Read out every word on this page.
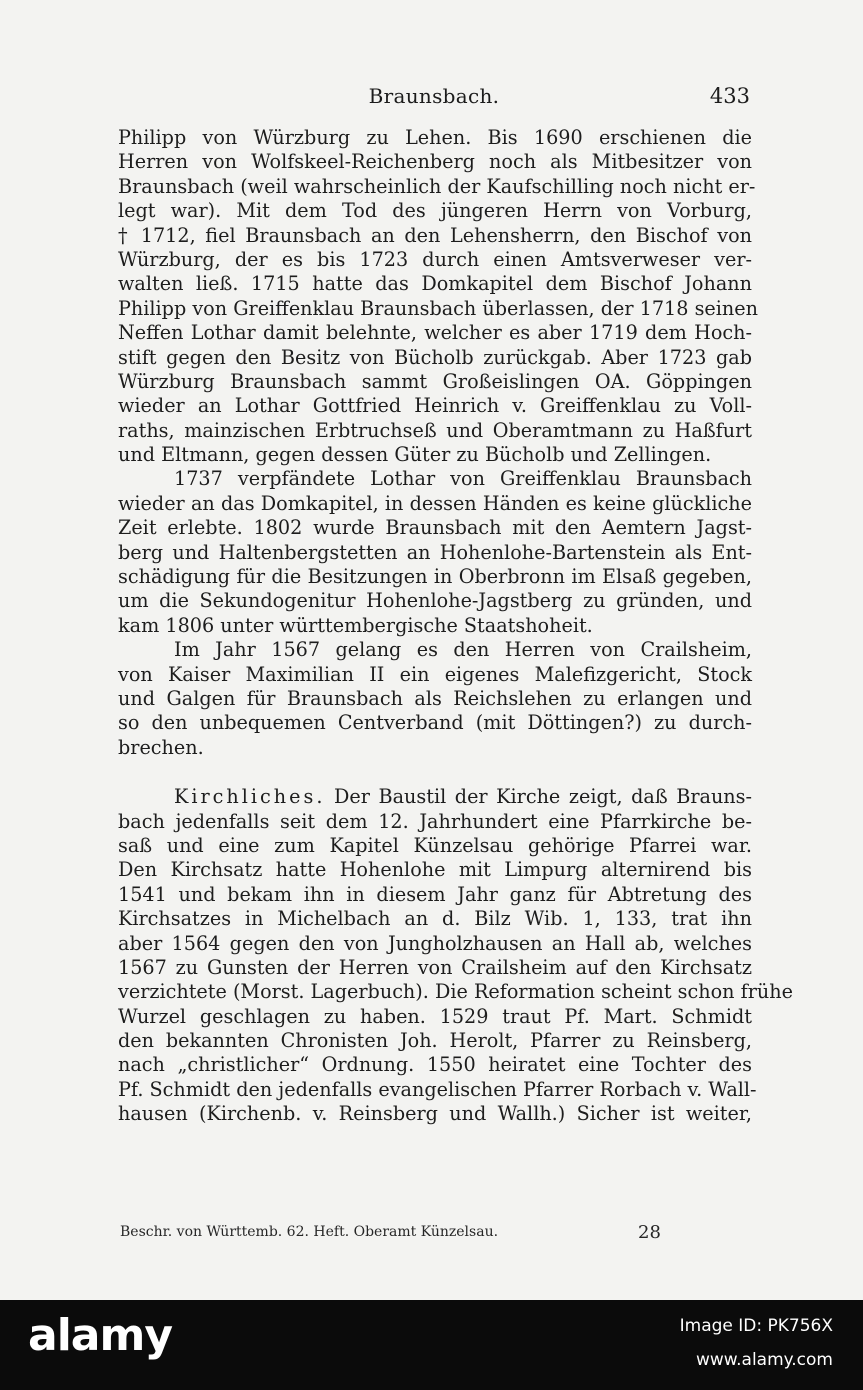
Braunsbach.	433
Philipp von Würzburg zu Lehen. Bis 1690 erschienen die
Herren von Wolfskeel-Reichenberg noch als Mitbesitzer von
Braunsbach (weil wahrscheinlich der Kaufschilling noch nicht er-
legt war). Mit dem Tod des jüngeren Herrn von Vorburg,
† 1712, fiel Braunsbach an den Lehensherrn, den Bischof von
Würzburg, der es bis 1723 durch einen Amtsverweser ver-
walten ließ. 1715 hatte das Domkapitel dem Bischof Johann
Philipp von Greiffenklau Braunsbach überlassen, der 1718 seinen
Neffen Lothar damit belehnte, welcher es aber 1719 dem Hoch-
stift gegen den Besitz von Bücholb zurückgab. Aber 1723 gab
Würzburg Braunsbach sammt Großeislingen OA. Göppingen
wieder an Lothar Gottfried Heinrich v. Greiffenklau zu Voll-
raths, mainzischen Erbtruchseß und Oberamtmann zu Haßfurt
und Eltmann, gegen dessen Güter zu Bücholb und Zellingen.
1737 verpfändete Lothar von Greiffenklau Braunsbach
wieder an das Domkapitel, in dessen Händen es keine glückliche
Zeit erlebte. 1802 wurde Braunsbach mit den Aemtern Jagst-
berg und Haltenbergstetten an Hohenlohe-Bartenstein als Ent-
schädigung für die Besitzungen in Oberbronn im Elsaß gegeben,
um die Sekundogenitur Hohenlohe-Jagstberg zu gründen, und
kam 1806 unter württembergische Staatshoheit.
Im Jahr 1567 gelang es den Herren von Crailsheim,
von Kaiser Maximilian II ein eigenes Malefizgericht, Stock
und Galgen für Braunsbach als Reichslehen zu erlangen und
so den unbequemen Centverband (mit Döttingen?) zu durch-
brechen.
Kirchliches. Der Baustil der Kirche zeigt, daß Brauns-
bach jedenfalls seit dem 12. Jahrhundert eine Pfarrkirche be-
saß und eine zum Kapitel Künzelsau gehörige Pfarrei war.
Den Kirchsatz hatte Hohenlohe mit Limpurg alternirend bis
1541 und bekam ihn in diesem Jahr ganz für Abtretung des
Kirchsatzes in Michelbach an d. Bilz Wib. 1, 133, trat ihn
aber 1564 gegen den von Jungholzhausen an Hall ab, welches
1567 zu Gunsten der Herren von Crailsheim auf den Kirchsatz
verzichtete (Morst. Lagerbuch). Die Reformation scheint schon frühe
Wurzel geschlagen zu haben. 1529 traut Pf. Mart. Schmidt
den bekannten Chronisten Joh. Herolt, Pfarrer zu Reinsberg,
nach „christlicher“ Ordnung. 1550 heiratet eine Tochter des
Pf. Schmidt den jedenfalls evangelischen Pfarrer Rorbach v. Wall-
hausen (Kirchenb. v. Reinsberg und Wallh.) Sicher ist weiter,
Beschr. von Württemb. 62. Heft. Oberamt Künzelsau.	28
alamy	Image ID: PK756X
www.alamy.com
